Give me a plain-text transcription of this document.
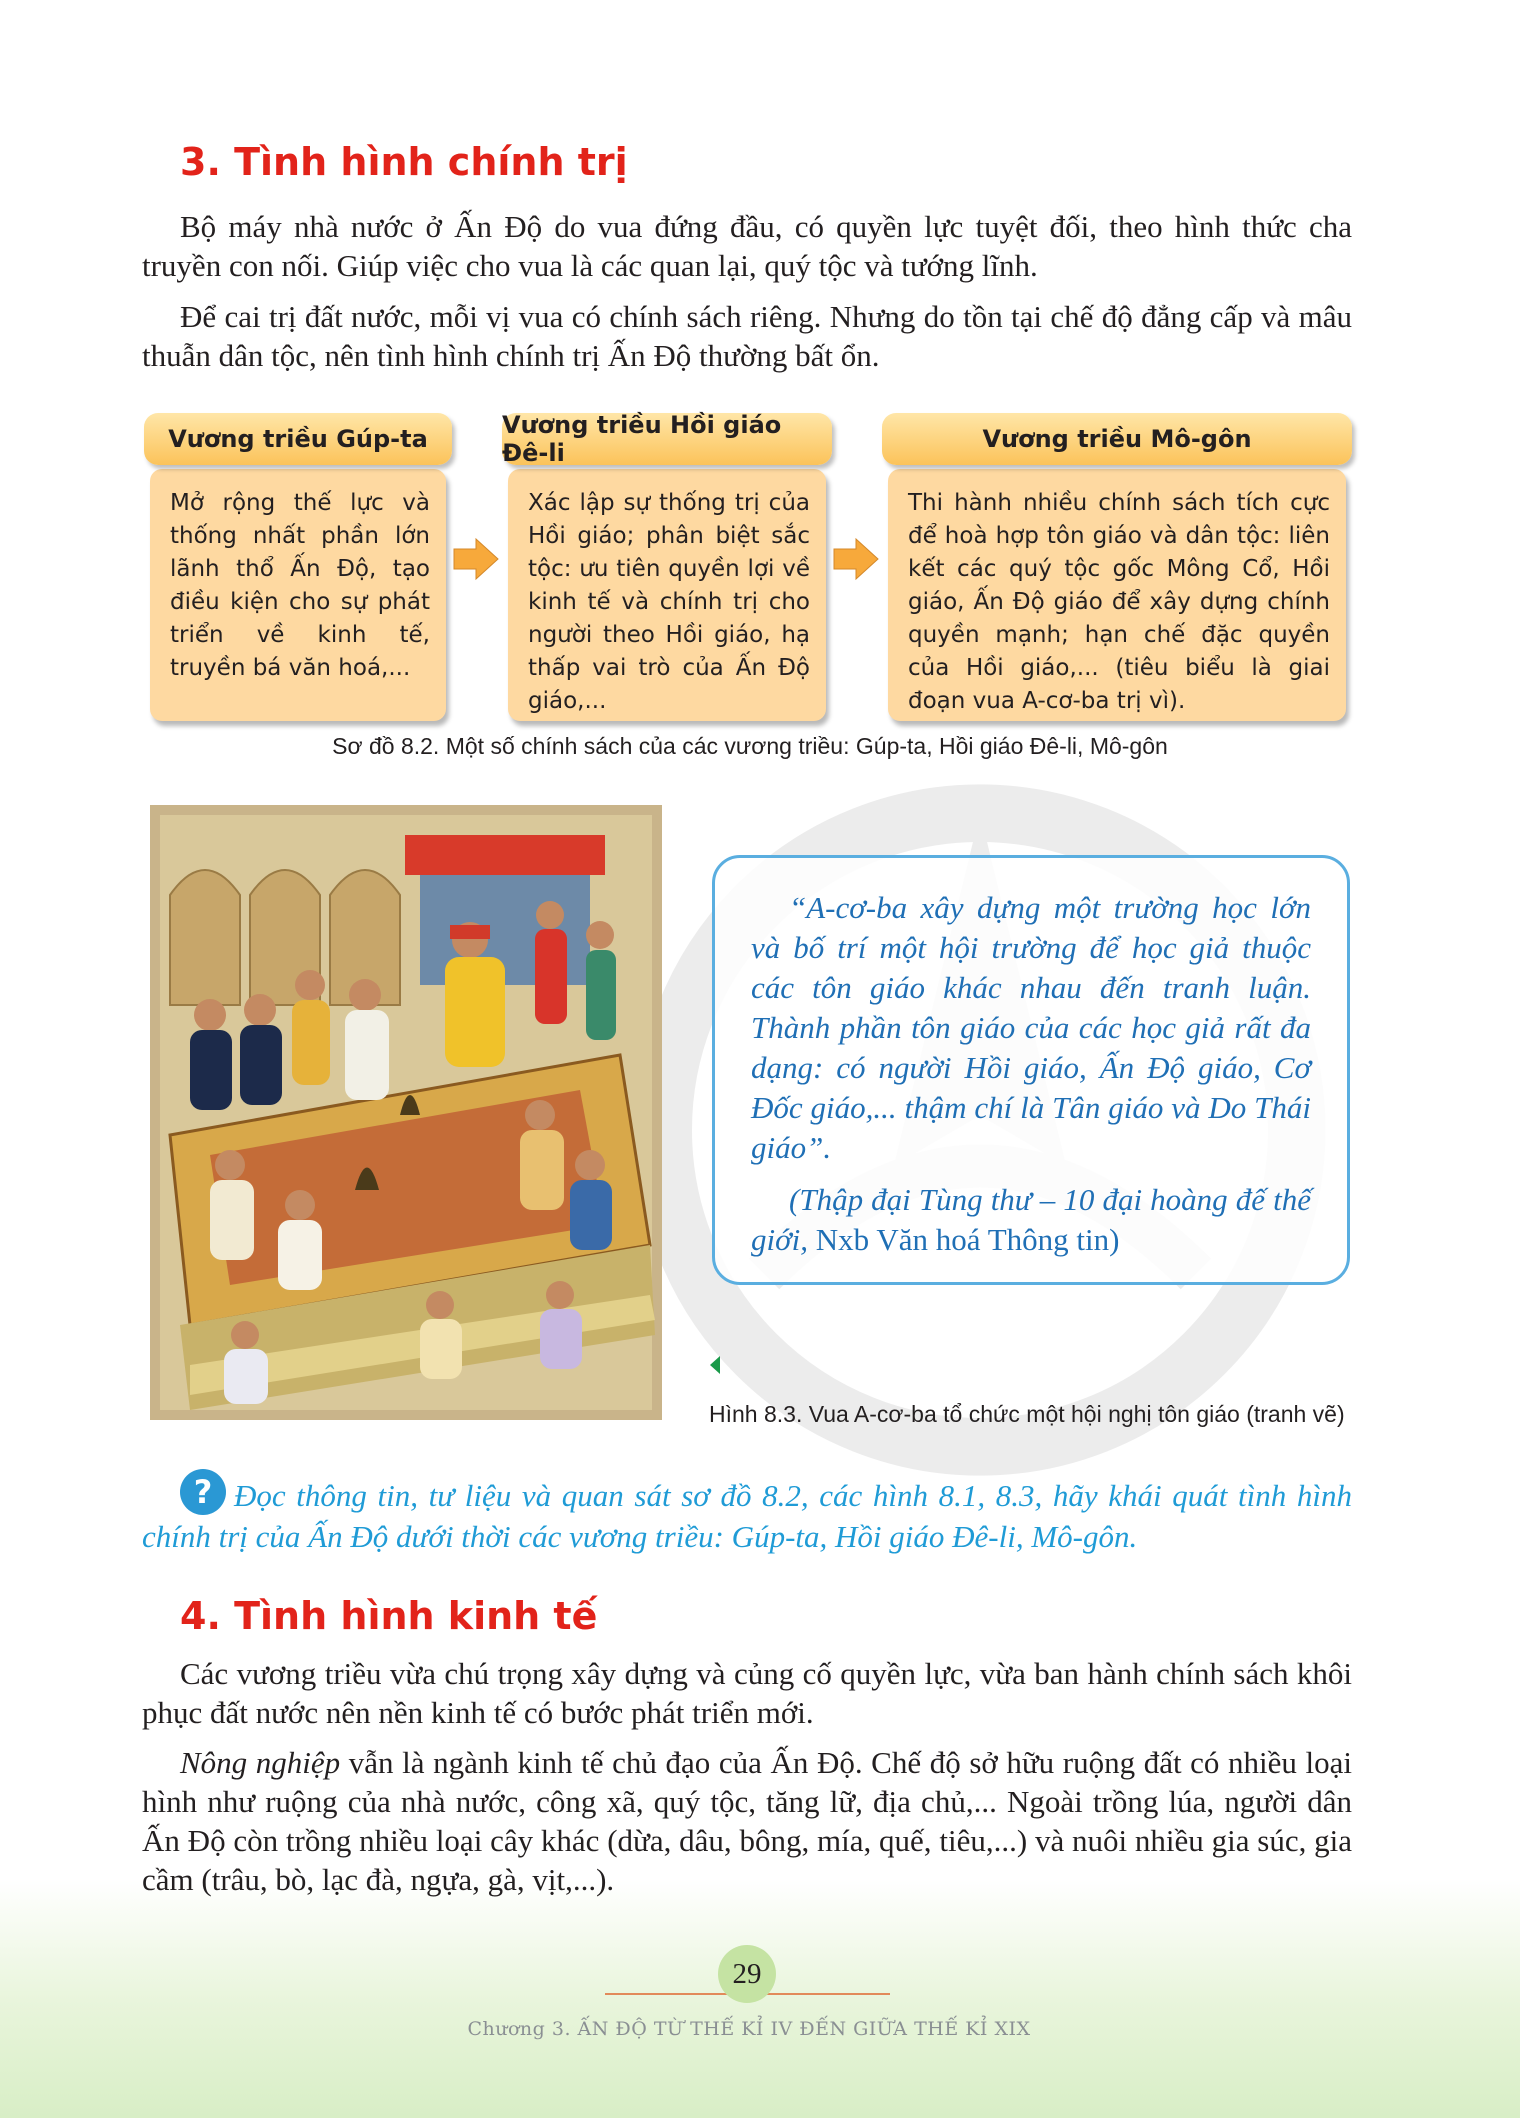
3. Tình hình chính trị

Bộ máy nhà nước ở Ấn Độ do vua đứng đầu, có quyền lực tuyệt đối, theo hình thức cha truyền con nối. Giúp việc cho vua là các quan lại, quý tộc và tướng lĩnh.

Để cai trị đất nước, mỗi vị vua có chính sách riêng. Nhưng do tồn tại chế độ đẳng cấp và mâu thuẫn dân tộc, nên tình hình chính trị Ấn Độ thường bất ổn.

Vương triều Gúp-ta
Mở rộng thế lực và thống nhất phần lớn lãnh thổ Ấn Độ, tạo điều kiện cho sự phát triển về kinh tế, truyền bá văn hoá,...
Vương triều Hồi giáo Đê-li
Xác lập sự thống trị của Hồi giáo; phân biệt sắc tộc: ưu tiên quyền lợi về kinh tế và chính trị cho người theo Hồi giáo, hạ thấp vai trò của Ấn Độ giáo,...
Vương triều Mô-gôn
Thi hành nhiều chính sách tích cực để hoà hợp tôn giáo và dân tộc: liên kết các quý tộc gốc Mông Cổ, Hồi giáo, Ấn Độ giáo để xây dựng chính quyền mạnh; hạn chế đặc quyền của Hồi giáo,... (tiêu biểu là giai đoạn vua A-cơ-ba trị vì).

Sơ đồ 8.2. Một số chính sách của các vương triều: Gúp-ta, Hồi giáo Đê-li, Mô-gôn

“A-cơ-ba xây dựng một trường học lớn và bố trí một hội trường để học giả thuộc các tôn giáo khác nhau đến tranh luận. Thành phần tôn giáo của các học giả rất đa dạng: có người Hồi giáo, Ấn Độ giáo, Cơ Đốc giáo,... thậm chí là Tân giáo và Do Thái giáo”.

(Thập đại Tùng thư – 10 đại hoàng đế thế giới, Nxb Văn hoá Thông tin)

Hình 8.3. Vua A-cơ-ba tổ chức một hội nghị tôn giáo (tranh vẽ)

? Đọc thông tin, tư liệu và quan sát sơ đồ 8.2, các hình 8.1, 8.3, hãy khái quát tình hình chính trị của Ấn Độ dưới thời các vương triều: Gúp-ta, Hồi giáo Đê-li, Mô-gôn.

4. Tình hình kinh tế

Các vương triều vừa chú trọng xây dựng và củng cố quyền lực, vừa ban hành chính sách khôi phục đất nước nên nền kinh tế có bước phát triển mới.

Nông nghiệp vẫn là ngành kinh tế chủ đạo của Ấn Độ. Chế độ sở hữu ruộng đất có nhiều loại hình như ruộng của nhà nước, công xã, quý tộc, tăng lữ, địa chủ,... Ngoài trồng lúa, người dân Ấn Độ còn trồng nhiều loại cây khác (dừa, dâu, bông, mía, quế, tiêu,...) và nuôi nhiều gia súc, gia cầm (trâu, bò, lạc đà, ngựa, gà, vịt,...).

29

Chương 3. ẤN ĐỘ TỪ THẾ KỈ IV ĐẾN GIỮA THẾ KỈ XIX
